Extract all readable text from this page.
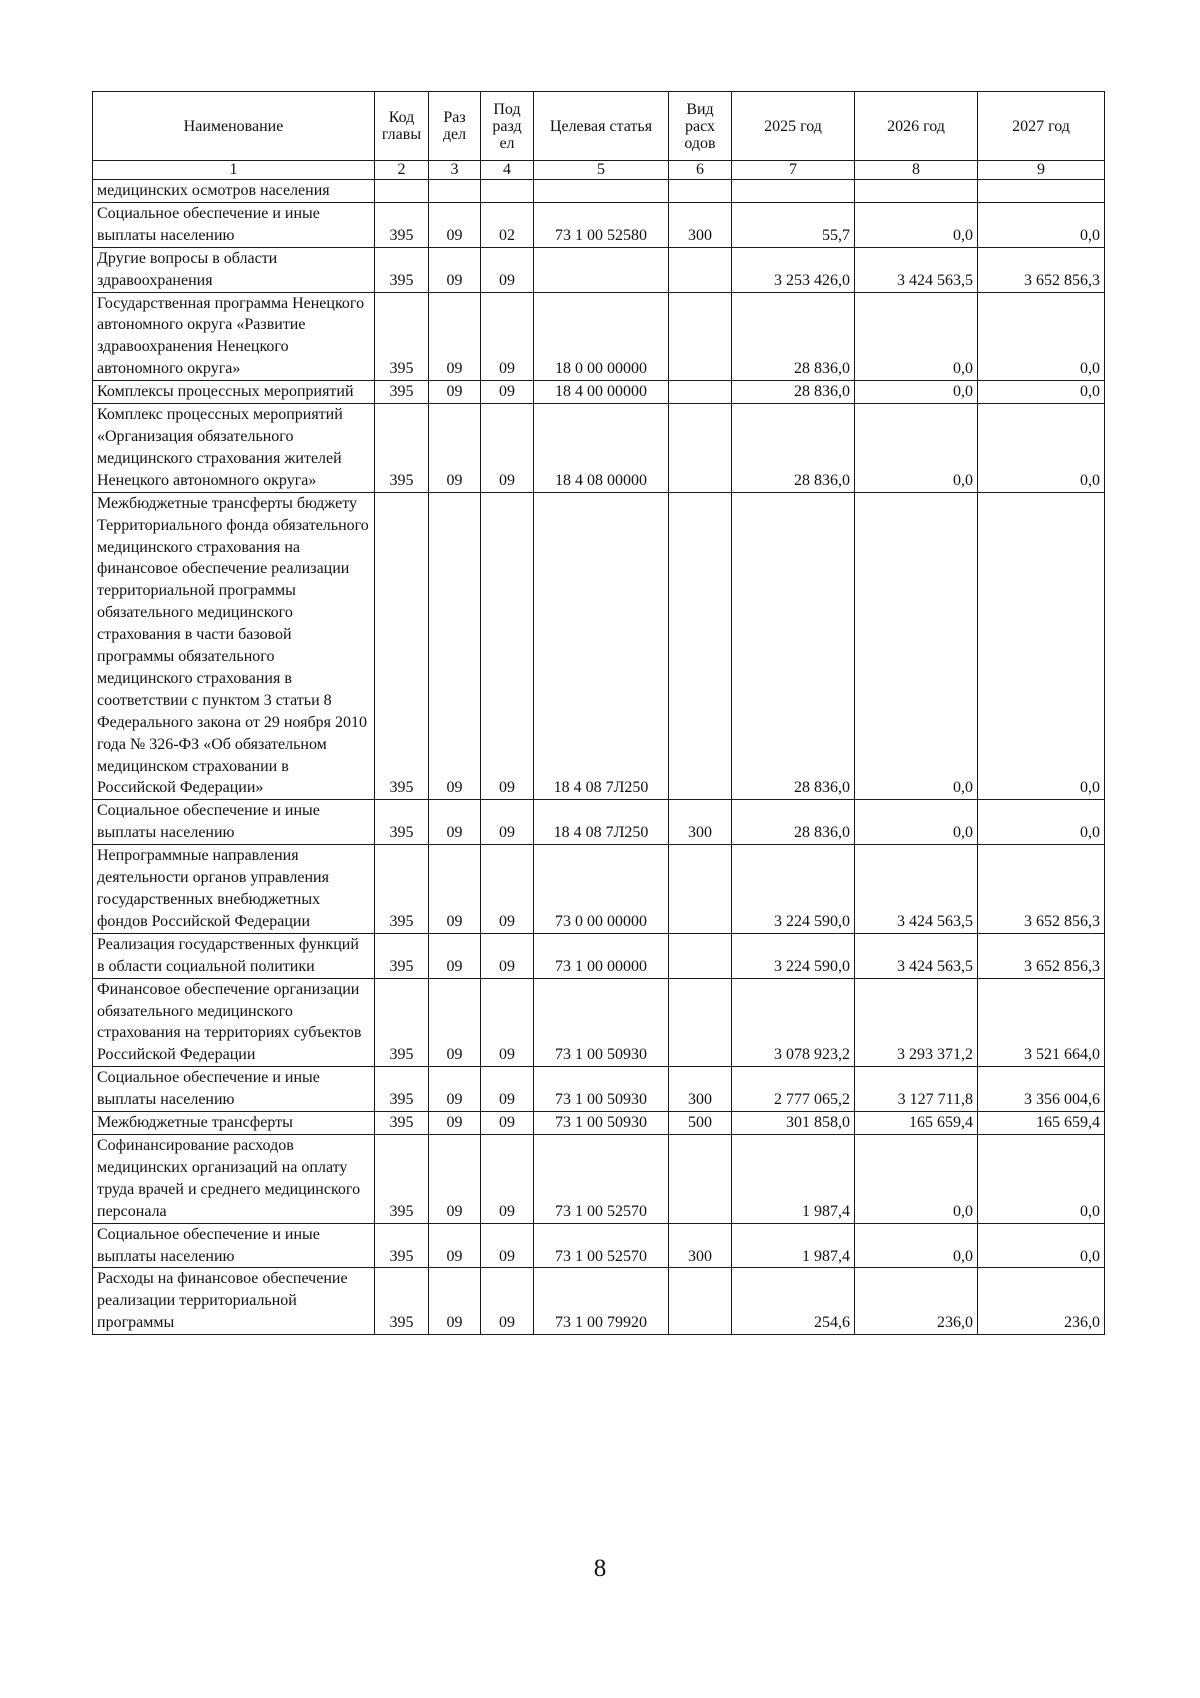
Наименование	Код главы	Раз дел	Под разд ел	Целевая статья	Вид расх одов	2025 год	2026 год	2027 год
1	2	3	4	5	6	7	8	9
медицинских осмотров населения								
Социальное обеспечение и иные выплаты населению	395	09	02	73 1 00 52580	300	55,7	0,0	0,0
Другие вопросы в области здравоохранения	395	09	09			3 253 426,0	3 424 563,5	3 652 856,3
Государственная программа Ненецкого автономного округа «Развитие здравоохранения Ненецкого автономного округа»	395	09	09	18 0 00 00000		28 836,0	0,0	0,0
Комплексы процессных мероприятий	395	09	09	18 4 00 00000		28 836,0	0,0	0,0
Комплекс процессных мероприятий «Организация обязательного медицинского страхования жителей Ненецкого автономного округа»	395	09	09	18 4 08 00000		28 836,0	0,0	0,0
Межбюджетные трансферты бюджету Территориального фонда обязательного медицинского страхования на финансовое обеспечение реализации территориальной программы обязательного медицинского страхования в части базовой программы обязательного медицинского страхования в соответствии с пунктом 3 статьи 8 Федерального закона от 29 ноября 2010 года № 326-ФЗ «Об обязательном медицинском страховании в Российской Федерации»	395	09	09	18 4 08 7Л250		28 836,0	0,0	0,0
Социальное обеспечение и иные выплаты населению	395	09	09	18 4 08 7Л250	300	28 836,0	0,0	0,0
Непрограммные направления деятельности органов управления государственных внебюджетных фондов Российской Федерации	395	09	09	73 0 00 00000		3 224 590,0	3 424 563,5	3 652 856,3
Реализация государственных функций в области социальной политики	395	09	09	73 1 00 00000		3 224 590,0	3 424 563,5	3 652 856,3
Финансовое обеспечение организации обязательного медицинского страхования на территориях субъектов Российской Федерации	395	09	09	73 1 00 50930		3 078 923,2	3 293 371,2	3 521 664,0
Социальное обеспечение и иные выплаты населению	395	09	09	73 1 00 50930	300	2 777 065,2	3 127 711,8	3 356 004,6
Межбюджетные трансферты	395	09	09	73 1 00 50930	500	301 858,0	165 659,4	165 659,4
Софинансирование расходов медицинских организаций на оплату труда врачей и среднего медицинского персонала	395	09	09	73 1 00 52570		1 987,4	0,0	0,0
Социальное обеспечение и иные выплаты населению	395	09	09	73 1 00 52570	300	1 987,4	0,0	0,0
Расходы на финансовое обеспечение реализации территориальной программы	395	09	09	73 1 00 79920		254,6	236,0	236,0
8
